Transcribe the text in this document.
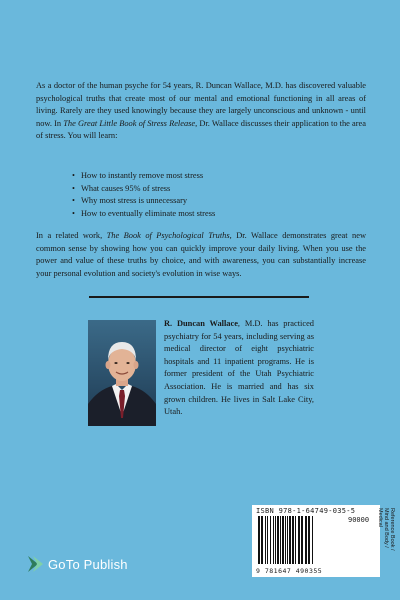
As a doctor of the human psyche for 54 years, R. Duncan Wallace, M.D. has discovered valuable psychological truths that create most of our mental and emotional functioning in all areas of living. Rarely are they used knowingly because they are largely unconscious and unknown - until now. In The Great Little Book of Stress Release, Dr. Wallace discusses their application to the area of stress. You will learn:

• How to instantly remove most stress
• What causes 95% of stress
• Why most stress is unnecessary
• How to eventually eliminate most stress

In a related work, The Book of Psychological Truths, Dr. Wallace demonstrates great new common sense by showing how you can quickly improve your daily living. When you use the power and value of these truths by choice, and with awareness, you can substantially increase your personal evolution and society's evolution in wise ways.

R. Duncan Wallace, M.D. has practiced psychiatry for 54 years, including serving as medical director of eight psychiatric hospitals and 11 inpatient programs. He is former president of the Utah Psychiatric Association. He is married and has six grown children. He lives in Salt Lake City, Utah.

ISBN 978-1-64749-035-5
90000
9 781647 490355
Reference Book /
Mind and Body /
Medical
GoTo Publish
